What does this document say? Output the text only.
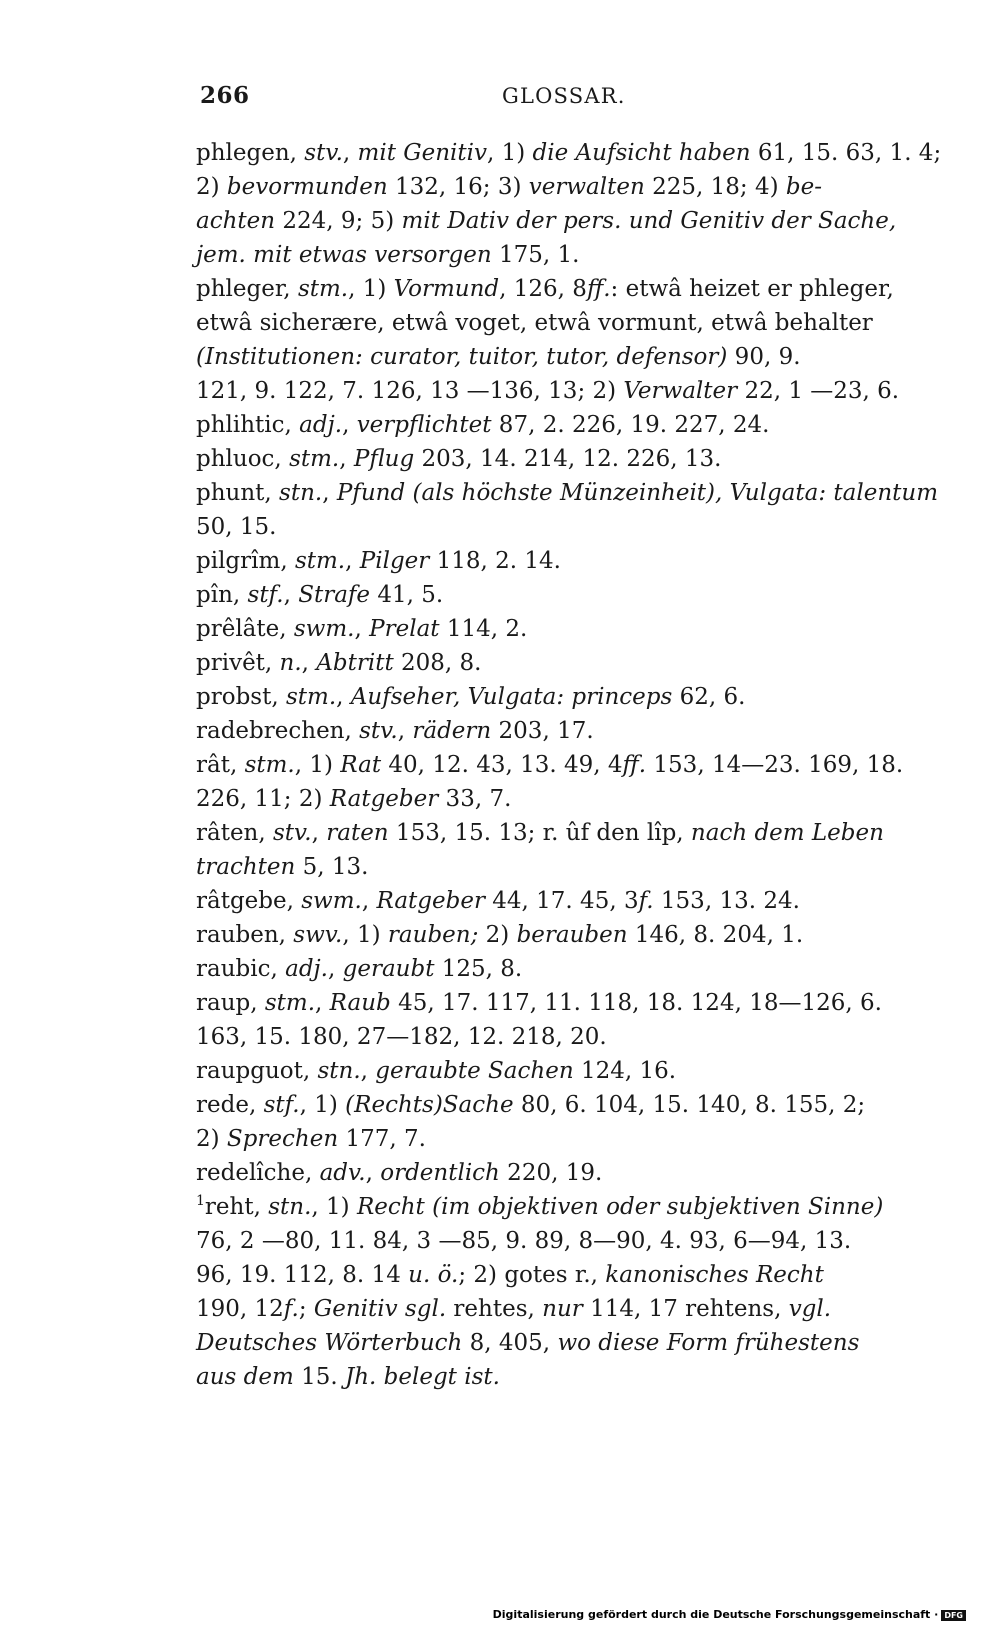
266	GLOSSAR.
phlegen, stv., mit Genitiv, 1) die Aufsicht haben 61, 15. 63, 1. 4;
2) bevormunden 132, 16; 3) verwalten 225, 18; 4) be-
achten 224, 9; 5) mit Dativ der pers. und Genitiv der Sache,
jem. mit etwas versorgen 175, 1.
phleger, stm., 1) Vormund, 126, 8ff.: etwâ heizet er phleger,
etwâ sicherære, etwâ voget, etwâ vormunt, etwâ behalter
(Institutionen: curator, tuitor, tutor, defensor) 90, 9.
121, 9. 122, 7. 126, 13 —136, 13; 2) Verwalter 22, 1 —23, 6.
phlihtic, adj., verpflichtet 87, 2. 226, 19. 227, 24.
phluoc, stm., Pflug 203, 14. 214, 12. 226, 13.
phunt, stn., Pfund (als höchste Münzeinheit), Vulgata: talentum
50, 15.
pilgrîm, stm., Pilger 118, 2. 14.
pîn, stf., Strafe 41, 5.
prêlâte, swm., Prelat 114, 2.
privêt, n., Abtritt 208, 8.
probst, stm., Aufseher, Vulgata: princeps 62, 6.
radebrechen, stv., rädern 203, 17.
rât, stm., 1) Rat 40, 12. 43, 13. 49, 4ff. 153, 14—23. 169, 18.
226, 11; 2) Ratgeber 33, 7.
râten, stv., raten 153, 15. 13; r. ûf den lîp, nach dem Leben
trachten 5, 13.
râtgebe, swm., Ratgeber 44, 17. 45, 3f. 153, 13. 24.
rauben, swv., 1) rauben; 2) berauben 146, 8. 204, 1.
raubic, adj., geraubt 125, 8.
raup, stm., Raub 45, 17. 117, 11. 118, 18. 124, 18—126, 6.
163, 15. 180, 27—182, 12. 218, 20.
raupguot, stn., geraubte Sachen 124, 16.
rede, stf., 1) (Rechts)Sache 80, 6. 104, 15. 140, 8. 155, 2;
2) Sprechen 177, 7.
redelîche, adv., ordentlich 220, 19.
$^1$reht, stn., 1) Recht (im objektiven oder subjektiven Sinne)
76, 2 —80, 11. 84, 3 —85, 9. 89, 8—90, 4. 93, 6—94, 13.
96, 19. 112, 8. 14 u. ö.; 2) gotes r., kanonisches Recht
190, 12f.; Genitiv sgl. rehtes, nur 114, 17 rehtens, vgl.
Deutsches Wörterbuch 8, 405, wo diese Form frühestens
aus dem 15. Jh. belegt ist.
Digitalisierung gefördert durch die Deutsche Forschungsgemeinschaft · DFG
